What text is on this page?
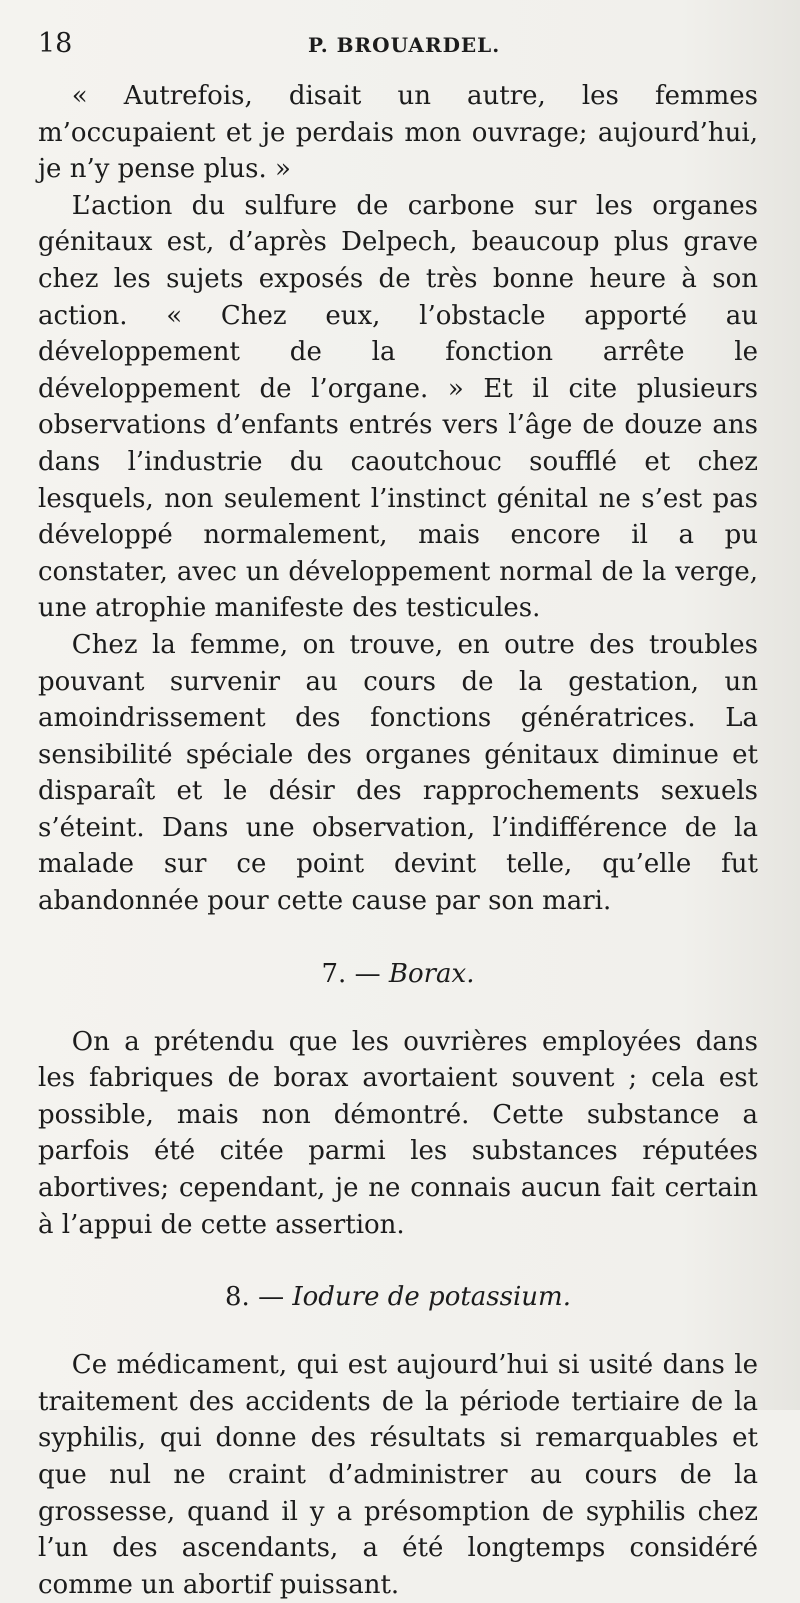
18	P. BROUARDEL.

« Autrefois, disait un autre, les femmes m’occupaient et je perdais mon ouvrage; aujourd’hui, je n’y pense plus. »

L’action du sulfure de carbone sur les organes génitaux est, d’après Delpech, beaucoup plus grave chez les sujets exposés de très bonne heure à son action. « Chez eux, l’obstacle apporté au développement de la fonction arrête le développement de l’organe. » Et il cite plusieurs observations d’enfants entrés vers l’âge de douze ans dans l’industrie du caoutchouc soufflé et chez lesquels, non seulement l’instinct génital ne s’est pas développé normalement, mais encore il a pu constater, avec un développement normal de la verge, une atrophie manifeste des testicules.

Chez la femme, on trouve, en outre des troubles pouvant survenir au cours de la gestation, un amoindrissement des fonctions génératrices. La sensibilité spéciale des organes génitaux diminue et disparaît et le désir des rapprochements sexuels s’éteint. Dans une observation, l’indifférence de la malade sur ce point devint telle, qu’elle fut abandonnée pour cette cause par son mari.

7. — Borax.

On a prétendu que les ouvrières employées dans les fabriques de borax avortaient souvent ; cela est possible, mais non démontré. Cette substance a parfois été citée parmi les substances réputées abortives; cependant, je ne connais aucun fait certain à l’appui de cette assertion.

8. — Iodure de potassium.

Ce médicament, qui est aujourd’hui si usité dans le traitement des accidents de la période tertiaire de la syphilis, qui donne des résultats si remarquables et que nul ne craint d’administrer au cours de la grossesse, quand il y a présomption de syphilis chez l’un des ascendants, a été longtemps considéré comme un abortif puissant.
